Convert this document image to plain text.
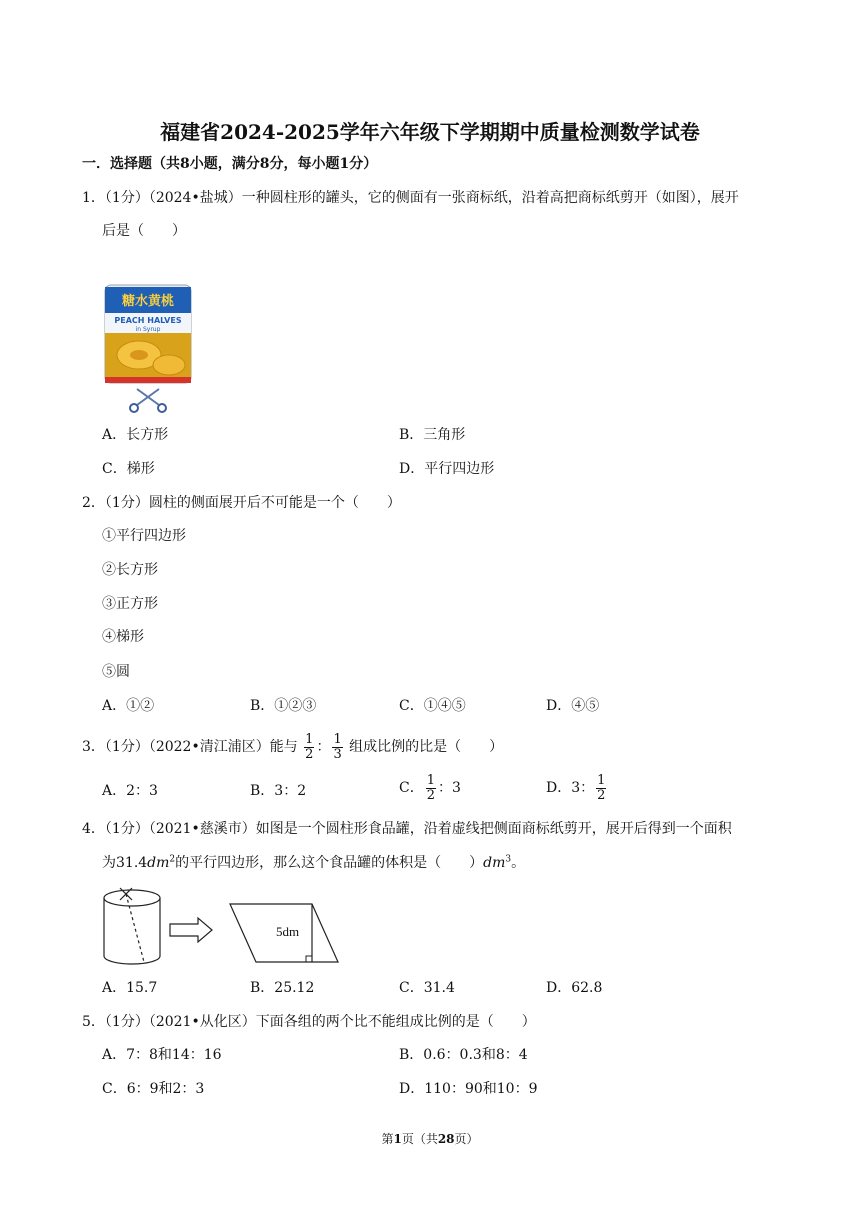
福建省2024-2025学年六年级下学期期中质量检测数学试卷
一．选择题（共8小题，满分8分，每小题1分）
1．（1分）（2024•盐城）一种圆柱形的罐头，它的侧面有一张商标纸，沿着高把商标纸剪开（如图），展开
后是（　　）
糖水黄桃
PEACH HALVES
in Syrup
A．长方形	B．三角形
C．梯形	D．平行四边形
2．（1分）圆柱的侧面展开后不可能是一个（　　）
①平行四边形
②长方形
③正方形
④梯形
⑤圆
A．①②	B．①②③	C．①④⑤	D．④⑤
3．（1分）（2022•清江浦区）能与 $\frac{1}{2}$ ： $\frac{1}{3}$ 组成比例的比是（　　）
A．2：3	B．3：2	C． $\frac{1}{2}$ ：3	D．3： $\frac{1}{2}$
4．（1分）（2021•慈溪市）如图是一个圆柱形食品罐，沿着虚线把侧面商标纸剪开，展开后得到一个面积
为$31.4dm^2$的平行四边形，那么这个食品罐的体积是（　　）$dm^3$。
5dm
A．15.7	B．25.12	C．31.4	D．62.8
5．（1分）（2021•从化区）下面各组的两个比不能组成比例的是（　　）
A．7：8和14：16	B．0.6：0.3和8：4
C．6：9和2：3	D．110：90和10：9
第1页（共28页）
